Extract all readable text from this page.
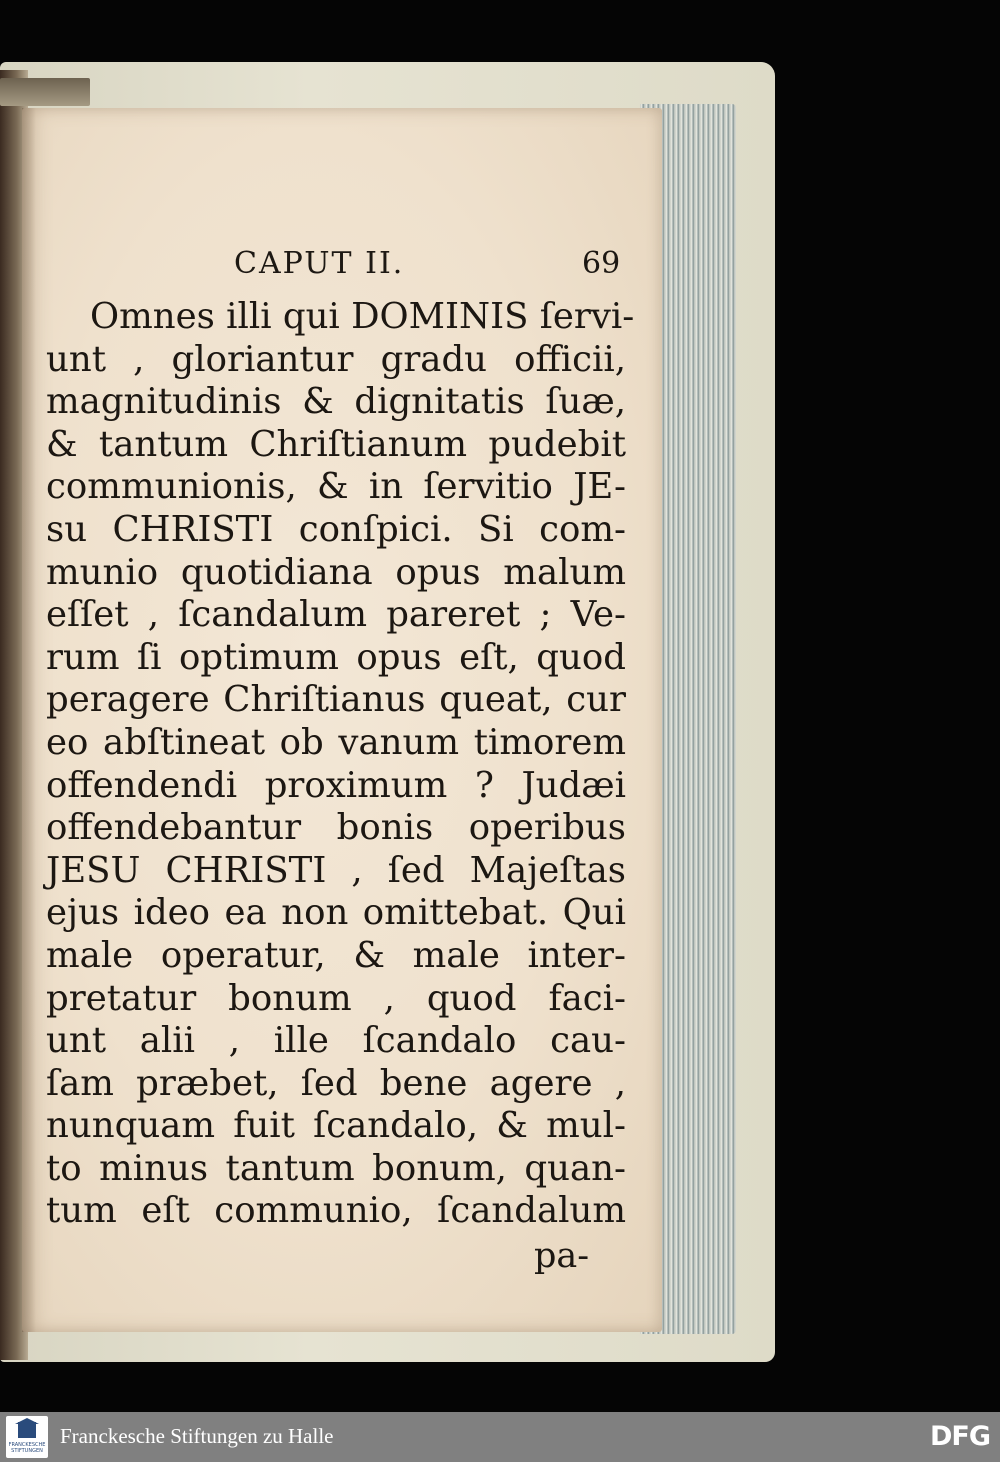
CAPUT II.	69
Omnes illi qui DOMINIS ſervi-
unt , gloriantur gradu officii,
magnitudinis & dignitatis ſuæ,
& tantum Chriſtianum pudebit
communionis, & in ſervitio JE-
su CHRISTI conſpici. Si com-
munio quotidiana opus malum
eſſet , ſcandalum pareret ; Ve-
rum ſi optimum opus eſt, quod
peragere Chriſtianus queat, cur
eo abſtineat ob vanum timorem
offendendi proximum ? Judæi
offendebantur bonis operibus
JESU CHRISTI , ſed Majeſtas
ejus ideo ea non omittebat. Qui
male operatur, & male inter-
pretatur bonum , quod faci-
unt alii , ille ſcandalo cau-
ſam præbet, ſed bene agere ,
nunquam fuit ſcandalo, & mul-
to minus tantum bonum, quan-
tum eſt communio, ſcandalum
pa-
FRANCKESCHE STIFTUNGEN
Franckesche Stiftungen zu Halle	DFG
